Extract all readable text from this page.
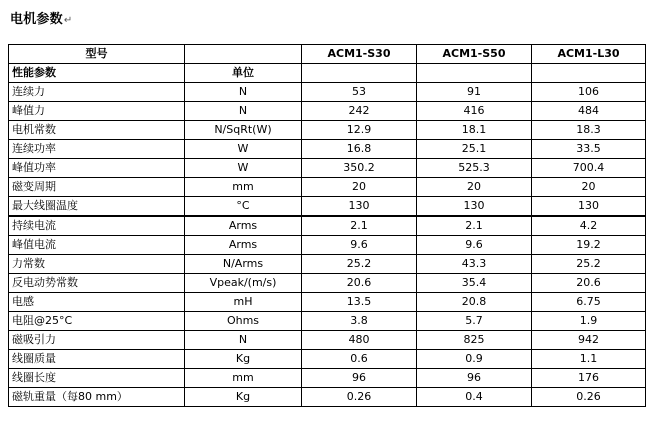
电机参数↵
型号		ACM1-S30	ACM1-S50	ACM1-L30
性能参数	单位			
连续力	N	53	91	106
峰值力	N	242	416	484
电机常数	N/SqRt(W)	12.9	18.1	18.3
连续功率	W	16.8	25.1	33.5
峰值功率	W	350.2	525.3	700.4
磁变周期	mm	20	20	20
最大线圈温度	°C	130	130	130
持续电流	Arms	2.1	2.1	4.2
峰值电流	Arms	9.6	9.6	19.2
力常数	N/Arms	25.2	43.3	25.2
反电动势常数	Vpeak/(m/s)	20.6	35.4	20.6
电感	mH	13.5	20.8	6.75
电阻@25°C	Ohms	3.8	5.7	1.9
磁吸引力	N	480	825	942
线圈质量	Kg	0.6	0.9	1.1
线圈长度	mm	96	96	176
磁轨重量（每80 mm）	Kg	0.26	0.4	0.26
